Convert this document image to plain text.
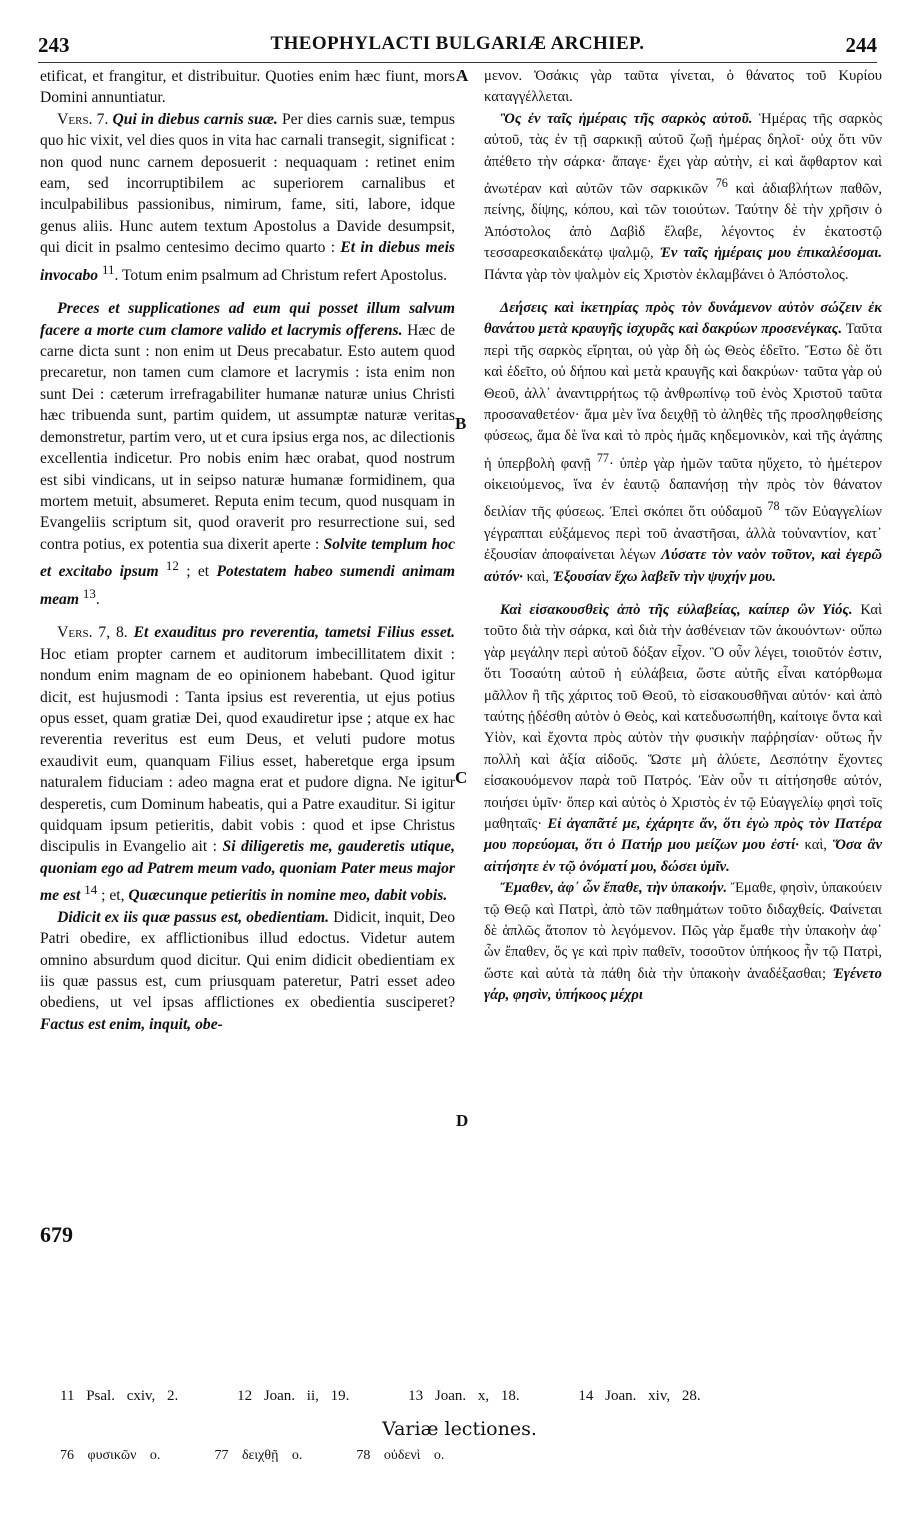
243	THEOPHYLACTI BULGARIÆ ARCHIEP.	244

etificat, et frangitur, et distribuitur. Quoties enim hæc fiunt, mors Domini annuntiatur.

Vers. 7. Qui in diebus carnis suæ. Per dies carnis suæ, tempus quo hic vixit, vel dies quos in vita hac carnali transegit, significat : non quod nunc carnem deposuerit : nequaquam : retinet enim eam, sed incorruptibilem ac superiorem carnalibus et inculpabilibus passionibus, nimirum, fame, siti, labore, idque genus aliis. Hunc autem textum Apostolus a Davide desumpsit, qui dicit in psalmo centesimo decimo quarto : Et in diebus meis invocabo $^{11}$. Totum enim psalmum ad Christum refert Apostolus.

Preces et supplicationes ad eum qui posset illum salvum facere a morte cum clamore valido et lacrymis offerens. Hæc de carne dicta sunt : non enim ut Deus precabatur. Esto autem quod precaretur, non tamen cum clamore et lacrymis : ista enim non sunt Dei : cæterum irrefragabiliter humanæ naturæ unius Christi hæc tribuenda sunt, partim quidem, ut assumptæ naturæ veritas demonstretur, partim vero, ut et cura ipsius erga nos, ac dilectionis excellentia indicetur. Pro nobis enim hæc orabat, quod nostrum est sibi vindicans, ut in seipso naturæ humanæ formidinem, qua mortem metuit, absumeret. Reputa enim tecum, quod nusquam in Evangeliis scriptum sit, quod oraverit pro resurrectione sui, sed contra potius, ex potentia sua dixerit aperte : Solvite templum hoc et excitabo ipsum $^{12}$ ; et Potestatem habeo sumendi animam meam $^{13}$.

Vers. 7, 8. Et exauditus pro reverentia, tametsi Filius esset. Hoc etiam propter carnem et auditorum imbecillitatem dixit : nondum enim magnam de eo opinionem habebant. Quod igitur dicit, est hujusmodi : Tanta ipsius est reverentia, ut ejus potius opus esset, quam gratiæ Dei, quod exaudiretur ipse ; atque ex hac reverentia reveritus est eum Deus, et veluti pudore motus exaudivit eum, quanquam Filius esset, haberetque erga ipsum naturalem fiduciam : adeo magna erat et pudore digna. Ne igitur desperetis, cum Dominum habeatis, qui a Patre exauditur. Si igitur quidquam ipsum petieritis, dabit vobis : quod et ipse Christus discipulis in Evangelio ait : Si diligeretis me, gauderetis utique, quoniam ego ad Patrem meum vado, quoniam Pater meus major me est $^{14}$ ; et, Quæcunque petieritis in nomine meo, dabit vobis.

Didicit ex iis quæ passus est, obedientiam. Didicit, inquit, Deo Patri obedire, ex afflictionibus illud edoctus. Videtur autem omnino absurdum quod dicitur. Qui enim didicit obedientiam ex iis quæ passus est, cum priusquam pateretur, Patri esset adeo obediens, ut vel ipsas afflictiones ex obedientia susciperet? Factus est enim, inquit, obe-

μενον. Ὁσάκις γὰρ ταῦτα γίνεται, ὁ θάνατος τοῦ Κυρίου καταγγέλλεται.

Ὃς ἐν ταῖς ἡμέραις τῆς σαρκὸς αὐτοῦ. Ἡμέρας τῆς σαρκὸς αὐτοῦ, τὰς ἐν τῇ σαρκικῇ αὐτοῦ ζωῇ ἡμέρας δηλοῖ· οὐχ ὅτι νῦν ἀπέθετο τὴν σάρκα· ἄπαγε· ἔχει γὰρ αὐτὴν, εἰ καὶ ἄφθαρτον καὶ ἀνωτέραν καὶ αὐτῶν τῶν σαρκικῶν $^{76}$ καὶ ἀδιαβλήτων παθῶν, πείνης, δίψης, κόπου, καὶ τῶν τοιούτων. Ταύτην δὲ τὴν χρῆσιν ὁ Ἀπόστολος ἀπὸ Δαβὶδ ἔλαβε, λέγοντος ἐν ἑκατοστῷ τεσσαρεσκαιδεκάτῳ ψαλμῷ, Ἐν ταῖς ἡμέραις μου ἐπικαλέσομαι. Πάντα γὰρ τὸν ψαλμὸν εἰς Χριστὸν ἐκλαμβάνει ὁ Ἀπόστολος.

Δεήσεις καὶ ἱκετηρίας πρὸς τὸν δυνάμενον αὐτὸν σώζειν ἐκ θανάτου μετὰ κραυγῆς ἰσχυρᾶς καὶ δακρύων προσενέγκας. Ταῦτα περὶ τῆς σαρκὸς εἴρηται, οὐ γὰρ δὴ ὡς Θεὸς ἐδεῖτο. Ἔστω δὲ ὅτι καὶ ἐδεῖτο, οὐ δήπου καὶ μετὰ κραυγῆς καὶ δακρύων· ταῦτα γὰρ οὐ Θεοῦ, ἀλλ᾽ ἀναντιρρήτως τῷ ἀνθρωπίνῳ τοῦ ἑνὸς Χριστοῦ ταῦτα προσαναθετέον· ἅμα μὲν ἵνα δειχθῇ τὸ ἀληθὲς τῆς προσληφθείσης φύσεως, ἅμα δὲ ἵνα καὶ τὸ πρὸς ἡμᾶς κηδεμονικὸν, καὶ τῆς ἀγάπης ἡ ὑπερβολὴ φανῇ $^{77}$· ὑπὲρ γὰρ ἡμῶν ταῦτα ηὔχετο, τὸ ἡμέτερον οἰκειούμενος, ἵνα ἐν ἑαυτῷ δαπανήσῃ τὴν πρὸς τὸν θάνατον δειλίαν τῆς φύσεως. Ἐπεὶ σκόπει ὅτι οὐδαμοῦ $^{78}$ τῶν Εὐαγγελίων γέγραπται εὐξάμενος περὶ τοῦ ἀναστῆσαι, ἀλλὰ τοὐναντίον, κατ᾽ ἐξουσίαν ἀποφαίνεται λέγων Λύσατε τὸν ναὸν τοῦτον, καὶ ἐγερῶ αὐτόν· καὶ, Ἐξουσίαν ἔχω λαβεῖν τὴν ψυχήν μου.

Καὶ εἰσακουσθεὶς ἀπὸ τῆς εὐλαβείας, καίπερ ὢν Υἱός. Καὶ τοῦτο διὰ τὴν σάρκα, καὶ διὰ τὴν ἀσθένειαν τῶν ἀκουόντων· οὔπω γὰρ μεγάλην περὶ αὐτοῦ δόξαν εἶχον. Ὃ οὖν λέγει, τοιοῦτόν ἐστιν, ὅτι Τοσαύτη αὐτοῦ ἡ εὐλάβεια, ὥστε αὐτῆς εἶναι κατόρθωμα μᾶλλον ἢ τῆς χάριτος τοῦ Θεοῦ, τὸ εἰσακουσθῆναι αὐτόν· καὶ ἀπὸ ταύτης ᾐδέσθη αὐτὸν ὁ Θεὸς, καὶ κατεδυσωπήθη, καίτοιγε ὄντα καὶ Υἱὸν, καὶ ἔχοντα πρὸς αὐτὸν τὴν φυσικὴν παῤῥησίαν· οὕτως ἦν πολλὴ καὶ ἀξία αἰδοῦς. Ὥστε μὴ ἀλύετε, Δεσπότην ἔχοντες εἰσακουόμενον παρὰ τοῦ Πατρός. Ἐὰν οὖν τι αἰτήσησθε αὐτόν, ποιήσει ὑμῖν· ὅπερ καὶ αὐτὸς ὁ Χριστὸς ἐν τῷ Εὐαγγελίῳ φησὶ τοῖς μαθηταῖς· Εἰ ἀγαπᾶτέ με, ἐχάρητε ἄν, ὅτι ἐγὼ πρὸς τὸν Πατέρα μου πορεύομαι, ὅτι ὁ Πατήρ μου μείζων μου ἐστί· καὶ, Ὅσα ἂν αἰτήσητε ἐν τῷ ὀνόματί μου, δώσει ὑμῖν.

Ἔμαθεν, ἀφ᾽ ὧν ἔπαθε, τὴν ὑπακοήν. Ἔμαθε, φησὶν, ὑπακούειν τῷ Θεῷ καὶ Πατρὶ, ἀπὸ τῶν παθημάτων τοῦτο διδαχθείς. Φαίνεται δὲ ἁπλῶς ἄτοπον τὸ λεγόμενον. Πῶς γὰρ ἔμαθε τὴν ὑπακοὴν ἀφ᾽ ὧν ἔπαθεν, ὅς γε καὶ πρὶν παθεῖν, τοσοῦτον ὑπήκοος ἦν τῷ Πατρὶ, ὥστε καὶ αὐτὰ τὰ πάθη διὰ τὴν ὑπακοὴν ἀναδέξασθαι; Ἐγένετο γάρ, φησὶν, ὑπήκοος μέχρι

A
B
C
D
679
11 Psal. cxiv, 2.	12 Joan. ii, 19.	13 Joan. x, 18.	14 Joan. xiv, 28.
Variæ lectiones.
76 φυσικῶν ο.	77 δειχθῇ ο.	78 οὐδενὶ ο.
